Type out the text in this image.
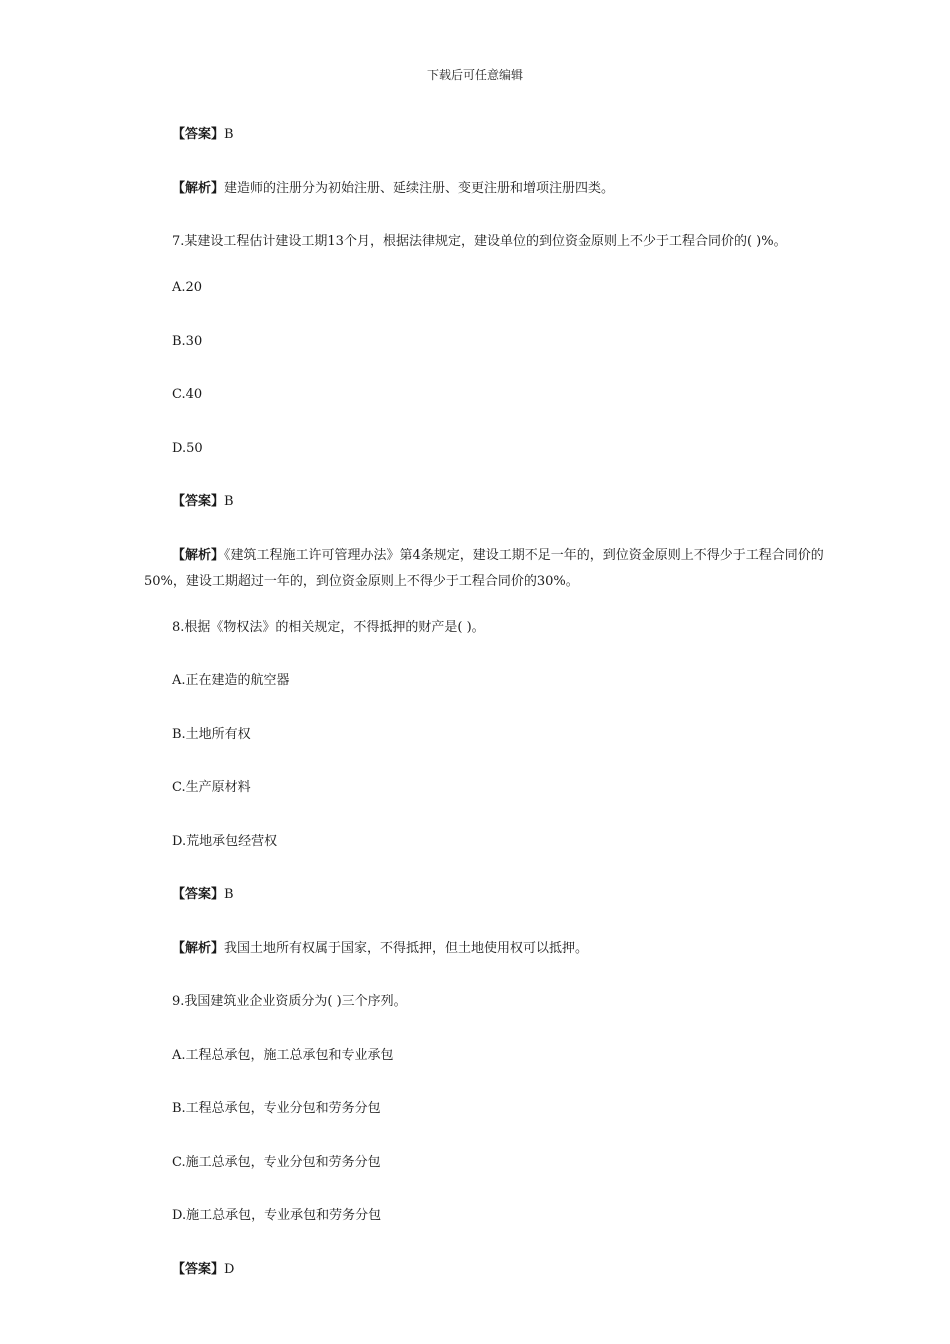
下载后可任意编辑

【答案】B

【解析】建造师的注册分为初始注册、延续注册、变更注册和增项注册四类。

7.某建设工程估计建设工期13个月，根据法律规定，建设单位的到位资金原则上不少于工程合同价的( )%。

A.20

B.30

C.40

D.50

【答案】B

【解析】《建筑工程施工许可管理办法》第4条规定，建设工期不足一年的，到位资金原则上不得少于工程合同价的50%，建设工期超过一年的，到位资金原则上不得少于工程合同价的30%。

8.根据《物权法》的相关规定，不得抵押的财产是( )。

A.正在建造的航空器

B.土地所有权

C.生产原材料

D.荒地承包经营权

【答案】B

【解析】我国土地所有权属于国家，不得抵押，但土地使用权可以抵押。

9.我国建筑业企业资质分为( )三个序列。

A.工程总承包，施工总承包和专业承包

B.工程总承包，专业分包和劳务分包

C.施工总承包，专业分包和劳务分包

D.施工总承包，专业承包和劳务分包

【答案】D
